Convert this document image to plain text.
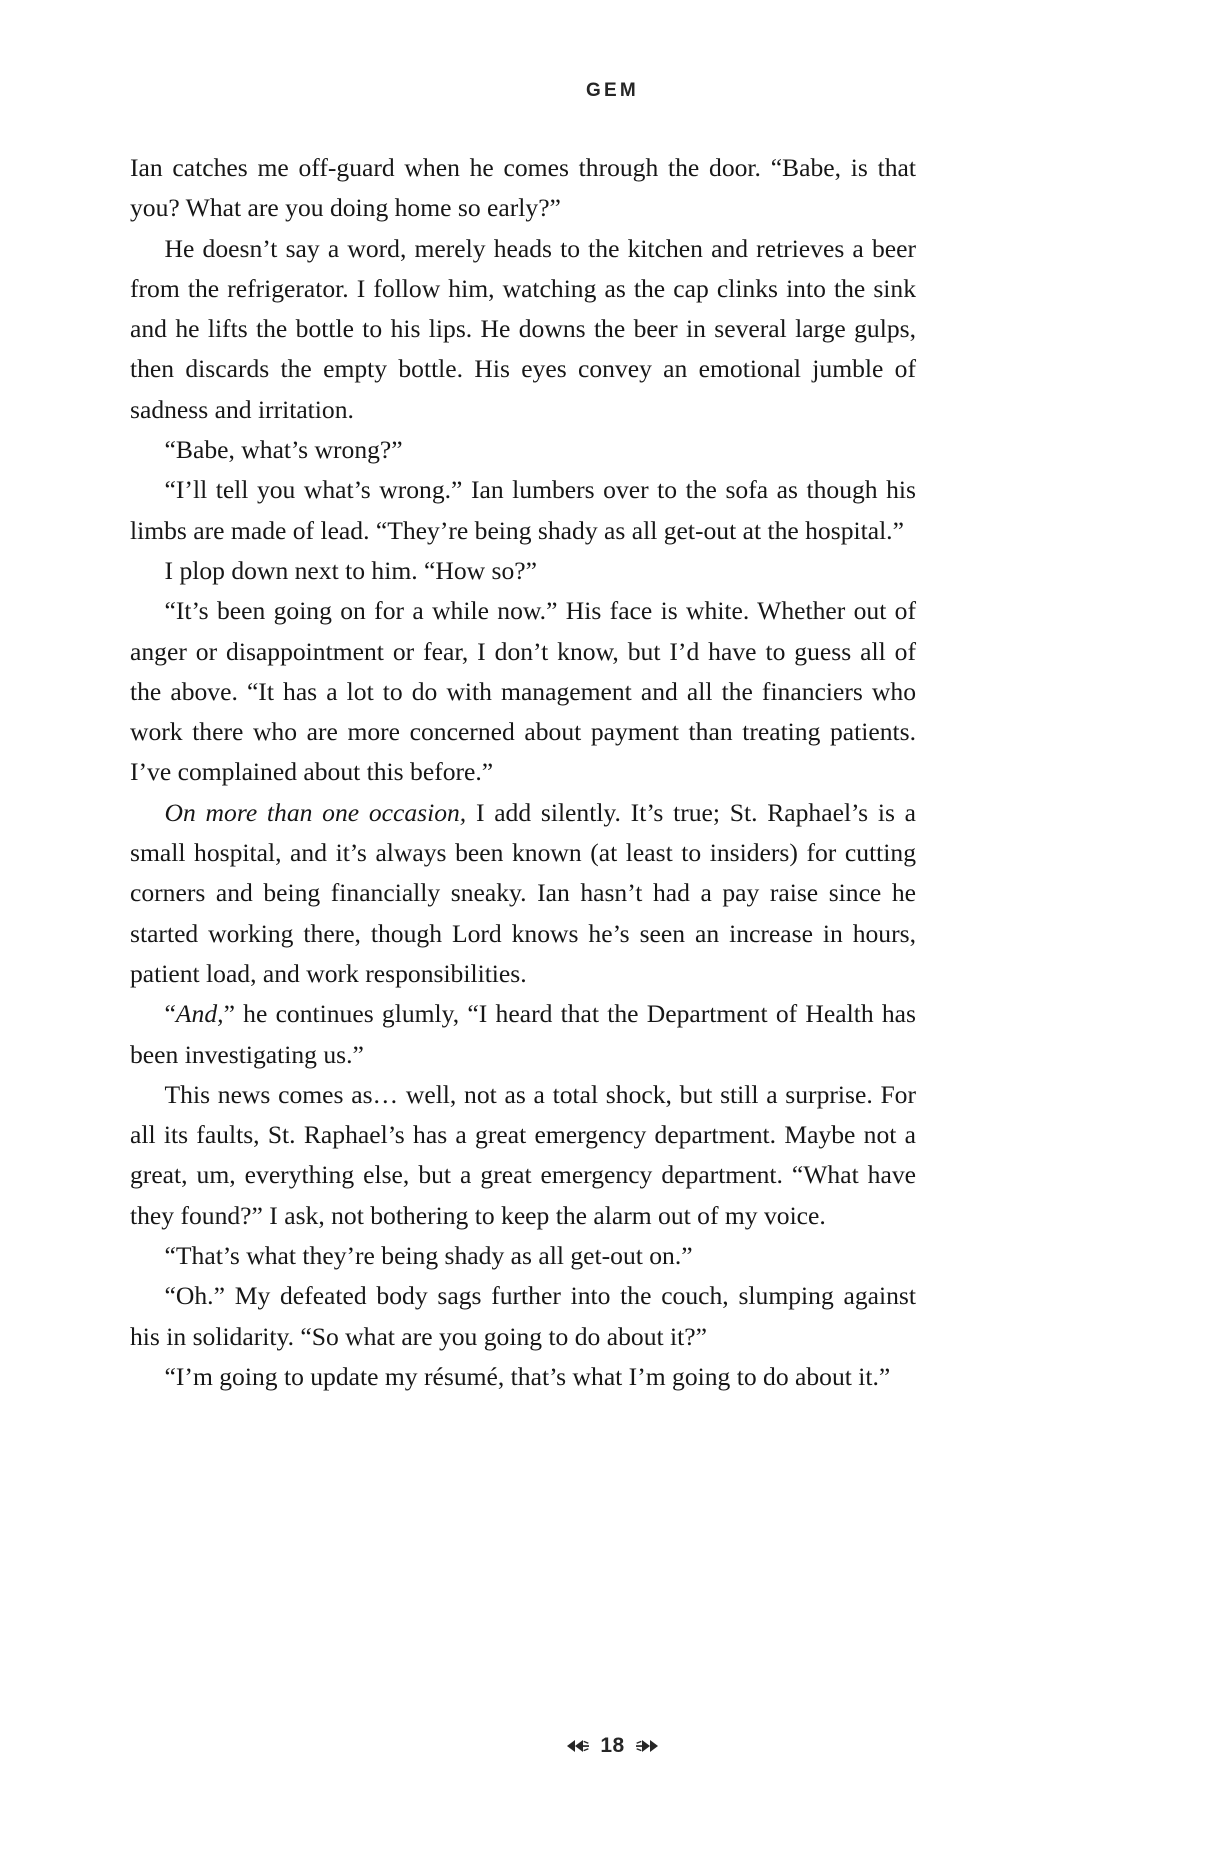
GEM

Ian catches me off-guard when he comes through the door. “Babe, is that you? What are you doing home so early?”

He doesn’t say a word, merely heads to the kitchen and retrieves a beer from the refrigerator. I follow him, watching as the cap clinks into the sink and he lifts the bottle to his lips. He downs the beer in several large gulps, then discards the empty bottle. His eyes convey an emotional jumble of sadness and irritation.

“Babe, what’s wrong?”

“I’ll tell you what’s wrong.” Ian lumbers over to the sofa as though his limbs are made of lead. “They’re being shady as all get-out at the hospital.”

I plop down next to him. “How so?”

“It’s been going on for a while now.” His face is white. Whether out of anger or disappointment or fear, I don’t know, but I’d have to guess all of the above. “It has a lot to do with management and all the financiers who work there who are more concerned about payment than treating patients. I’ve complained about this before.”

On more than one occasion, I add silently. It’s true; St. Raphael’s is a small hospital, and it’s always been known (at least to insiders) for cutting corners and being financially sneaky. Ian hasn’t had a pay raise since he started working there, though Lord knows he’s seen an increase in hours, patient load, and work responsibilities.

“And,” he continues glumly, “I heard that the Department of Health has been investigating us.”

This news comes as… well, not as a total shock, but still a surprise. For all its faults, St. Raphael’s has a great emergency department. Maybe not a great, um, everything else, but a great emergency department. “What have they found?” I ask, not bothering to keep the alarm out of my voice.

“That’s what they’re being shady as all get-out on.”

“Oh.” My defeated body sags further into the couch, slumping against his in solidarity. “So what are you going to do about it?”

“I’m going to update my résumé, that’s what I’m going to do about it.”

18
